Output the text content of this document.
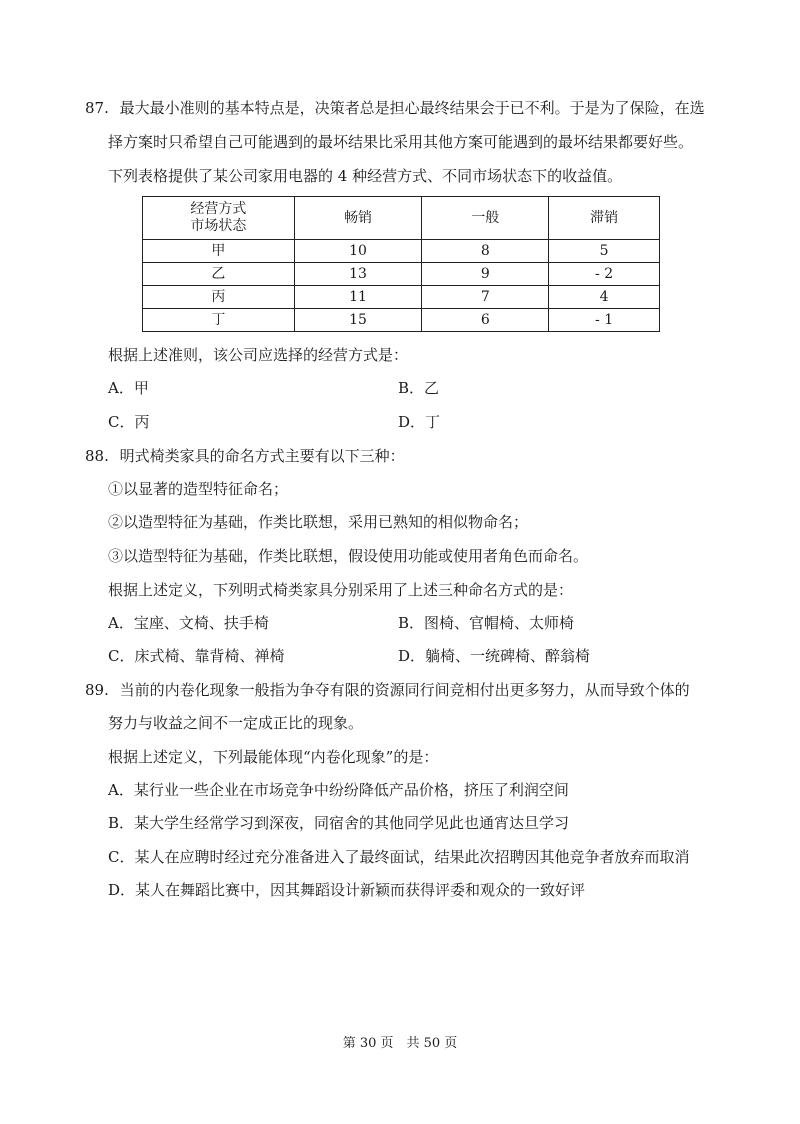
87. 最大最小准则的基本特点是，决策者总是担心最终结果会于已不利。于是为了保险，在选
择方案时只希望自己可能遇到的最坏结果比采用其他方案可能遇到的最坏结果都要好些。
下列表格提供了某公司家用电器的 4 种经营方式、不同市场状态下的收益值。
经营方式
市场状态	畅销	一般	滞销
甲	10	8	5
乙	13	9	- 2
丙	11	7	4
丁	15	6	- 1
根据上述准则，该公司应选择的经营方式是：
A．甲	B．乙
C．丙	D．丁
88. 明式椅类家具的命名方式主要有以下三种：
①以显著的造型特征命名；
②以造型特征为基础，作类比联想，采用已熟知的相似物命名；
③以造型特征为基础，作类比联想，假设使用功能或使用者角色而命名。
根据上述定义，下列明式椅类家具分别采用了上述三种命名方式的是：
A．宝座、文椅、扶手椅	B．图椅、官帽椅、太师椅
C．床式椅、靠背椅、禅椅	D．躺椅、一统碑椅、醉翁椅
89. 当前的内卷化现象一般指为争夺有限的资源同行间竞相付出更多努力，从而导致个体的
努力与收益之间不一定成正比的现象。
根据上述定义，下列最能体现“内卷化现象”的是：
A．某行业一些企业在市场竞争中纷纷降低产品价格，挤压了利润空间
B．某大学生经常学习到深夜，同宿舍的其他同学见此也通宵达旦学习
C．某人在应聘时经过充分准备进入了最终面试，结果此次招聘因其他竞争者放弃而取消
D．某人在舞蹈比赛中，因其舞蹈设计新颖而获得评委和观众的一致好评
第 30 页　共 50 页
